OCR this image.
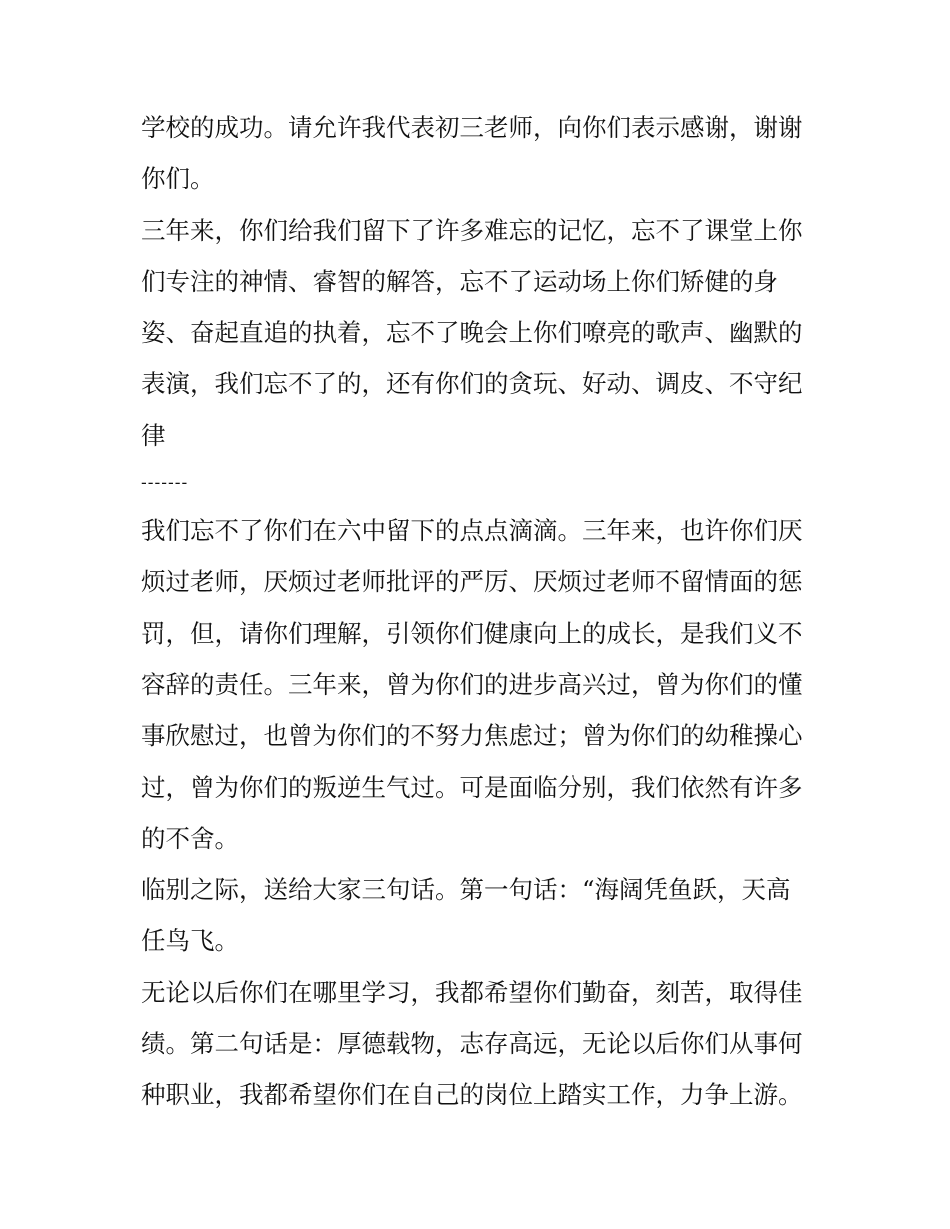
学校的成功。请允许我代表初三老师，向你们表示感谢，谢谢
你们。
三年来，你们给我们留下了许多难忘的记忆，忘不了课堂上你
们专注的神情、睿智的解答，忘不了运动场上你们矫健的身
姿、奋起直追的执着，忘不了晚会上你们嘹亮的歌声、幽默的
表演，我们忘不了的，还有你们的贪玩、好动、调皮、不守纪
律
-------
我们忘不了你们在六中留下的点点滴滴。三年来，也许你们厌
烦过老师，厌烦过老师批评的严厉、厌烦过老师不留情面的惩
罚，但，请你们理解，引领你们健康向上的成长，是我们义不
容辞的责任。三年来，曾为你们的进步高兴过，曾为你们的懂
事欣慰过，也曾为你们的不努力焦虑过；曾为你们的幼稚操心
过，曾为你们的叛逆生气过。可是面临分别，我们依然有许多
的不舍。
临别之际，送给大家三句话。第一句话：“海阔凭鱼跃，天高
任鸟飞。
无论以后你们在哪里学习，我都希望你们勤奋，刻苦，取得佳
绩。第二句话是：厚德载物，志存高远，无论以后你们从事何
种职业，我都希望你们在自己的岗位上踏实工作，力争上游。
